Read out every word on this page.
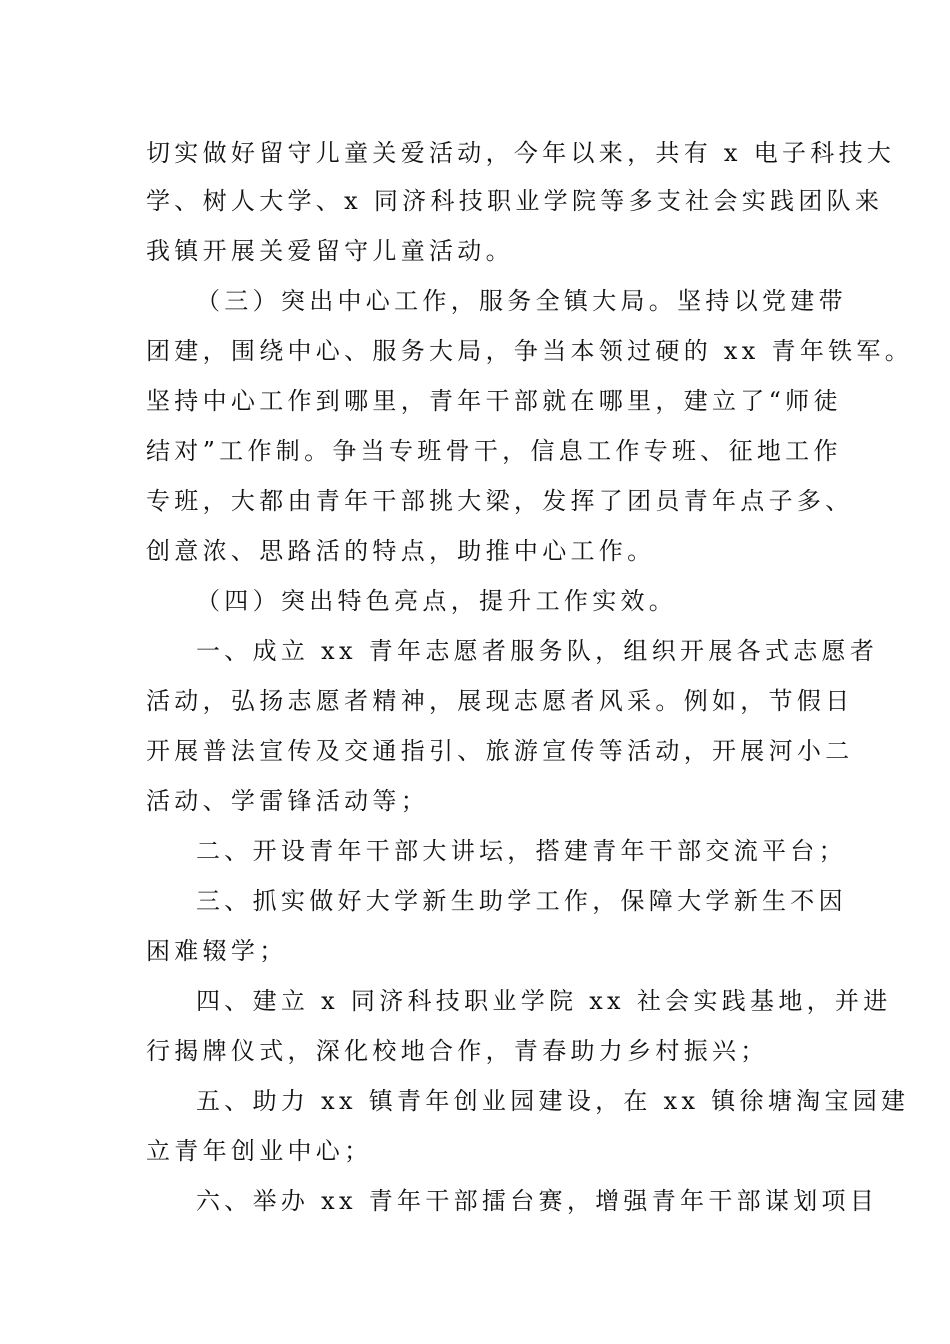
切实做好留守儿童关爱活动，今年以来，共有 x 电子科技大
学、树人大学、x 同济科技职业学院等多支社会实践团队来
我镇开展关爱留守儿童活动。
（三）突出中心工作，服务全镇大局。坚持以党建带
团建，围绕中心、服务大局，争当本领过硬的 xx 青年铁军。
坚持中心工作到哪里，青年干部就在哪里，建立了“师徒
结对”工作制。争当专班骨干，信息工作专班、征地工作
专班，大都由青年干部挑大梁，发挥了团员青年点子多、
创意浓、思路活的特点，助推中心工作。
（四）突出特色亮点，提升工作实效。
一、成立 xx 青年志愿者服务队，组织开展各式志愿者
活动，弘扬志愿者精神，展现志愿者风采。例如，节假日
开展普法宣传及交通指引、旅游宣传等活动，开展河小二
活动、学雷锋活动等；
二、开设青年干部大讲坛，搭建青年干部交流平台；
三、抓实做好大学新生助学工作，保障大学新生不因
困难辍学；
四、建立 x 同济科技职业学院 xx 社会实践基地，并进
行揭牌仪式，深化校地合作，青春助力乡村振兴；
五、助力 xx 镇青年创业园建设，在 xx 镇徐塘淘宝园建
立青年创业中心；
六、举办 xx 青年干部擂台赛，增强青年干部谋划项目
